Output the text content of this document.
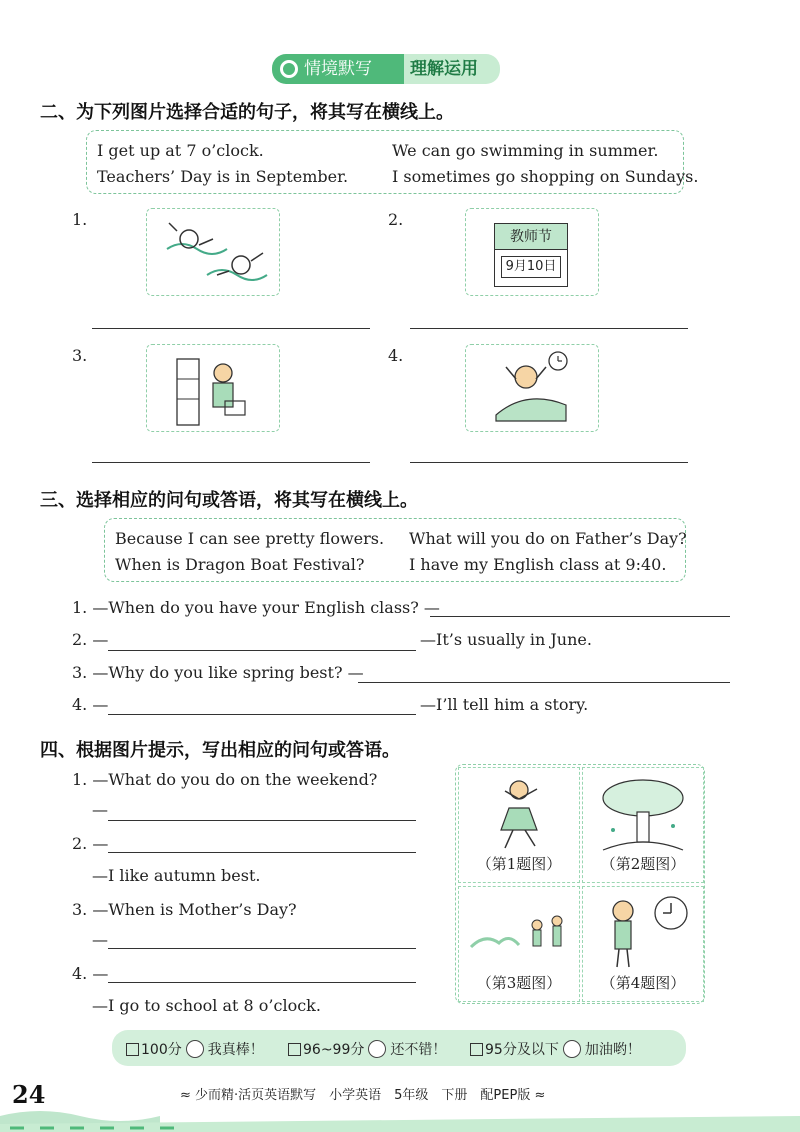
情境默写	理解运用
二、为下列图片选择合适的句子，将其写在横线上。
I get up at 7 o’clock.	We can go swimming in summer.
Teachers’ Day is in September.	I sometimes go shopping on Sundays.
1.	2.
教师节
9月10日
3.	4.
三、选择相应的问句或答语，将其写在横线上。
Because I can see pretty flowers. What will you do on Father’s Day?
When is Dragon Boat Festival?	I have my English class at 9:40.
1. —When do you have your English class? —
2. —	—It’s usually in June.
3. —Why do you like spring best? —
4. —	—I’ll tell him a story.
四、根据图片提示，写出相应的问句或答语。
1. —What do you do on the weekend?
—
2. —
—I like autumn best.
3. —When is Mother’s Day?
—
4. —
—I go to school at 8 o’clock.
（第1题图）	（第2题图）
（第3题图）	（第4题图）
100分 我真棒！	96~99分 还不错！	95分及以下 加油哟！
24	≈ 少而精·活页英语默写　小学英语　5年级　下册　配PEP版 ≈
